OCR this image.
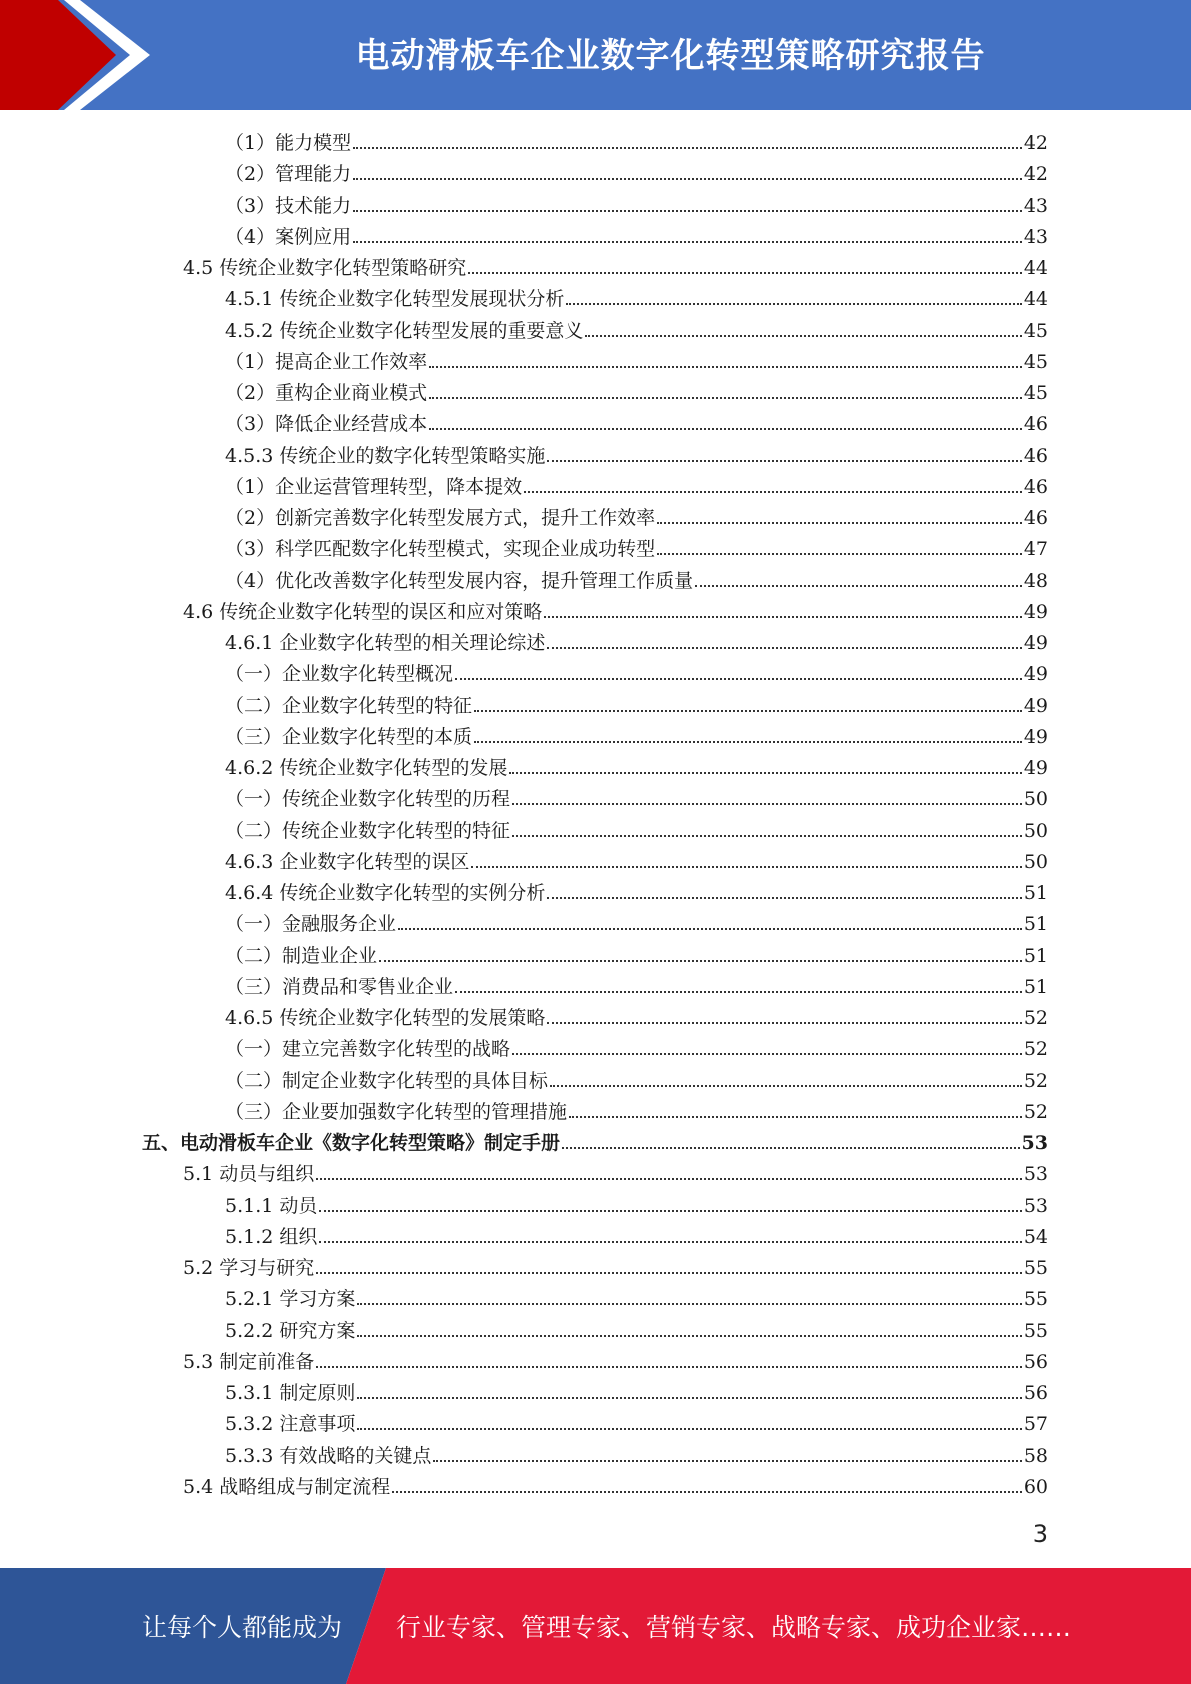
电动滑板车企业数字化转型策略研究报告
（1）能力模型	42
（2）管理能力	42
（3）技术能力	43
（4）案例应用	43
4.5 传统企业数字化转型策略研究	44
4.5.1 传统企业数字化转型发展现状分析	44
4.5.2 传统企业数字化转型发展的重要意义	45
（1）提高企业工作效率	45
（2）重构企业商业模式	45
（3）降低企业经营成本	46
4.5.3 传统企业的数字化转型策略实施	46
（1）企业运营管理转型，降本提效	46
（2）创新完善数字化转型发展方式，提升工作效率	46
（3）科学匹配数字化转型模式，实现企业成功转型	47
（4）优化改善数字化转型发展内容，提升管理工作质量	48
4.6 传统企业数字化转型的误区和应对策略	49
4.6.1 企业数字化转型的相关理论综述	49
（一）企业数字化转型概况	49
（二）企业数字化转型的特征	49
（三）企业数字化转型的本质	49
4.6.2 传统企业数字化转型的发展	49
（一）传统企业数字化转型的历程	50
（二）传统企业数字化转型的特征	50
4.6.3 企业数字化转型的误区	50
4.6.4 传统企业数字化转型的实例分析	51
（一）金融服务企业	51
（二）制造业企业	51
（三）消费品和零售业企业	51
4.6.5 传统企业数字化转型的发展策略	52
（一）建立完善数字化转型的战略	52
（二）制定企业数字化转型的具体目标	52
（三）企业要加强数字化转型的管理措施	52
五、电动滑板车企业《数字化转型策略》制定手册	53
5.1 动员与组织	53
5.1.1 动员	53
5.1.2 组织	54
5.2 学习与研究	55
5.2.1 学习方案	55
5.2.2 研究方案	55
5.3 制定前准备	56
5.3.1 制定原则	56
5.3.2 注意事项	57
5.3.3 有效战略的关键点	58
5.4 战略组成与制定流程	60
3
让每个人都能成为 行业专家、管理专家、营销专家、战略专家、成功企业家……
